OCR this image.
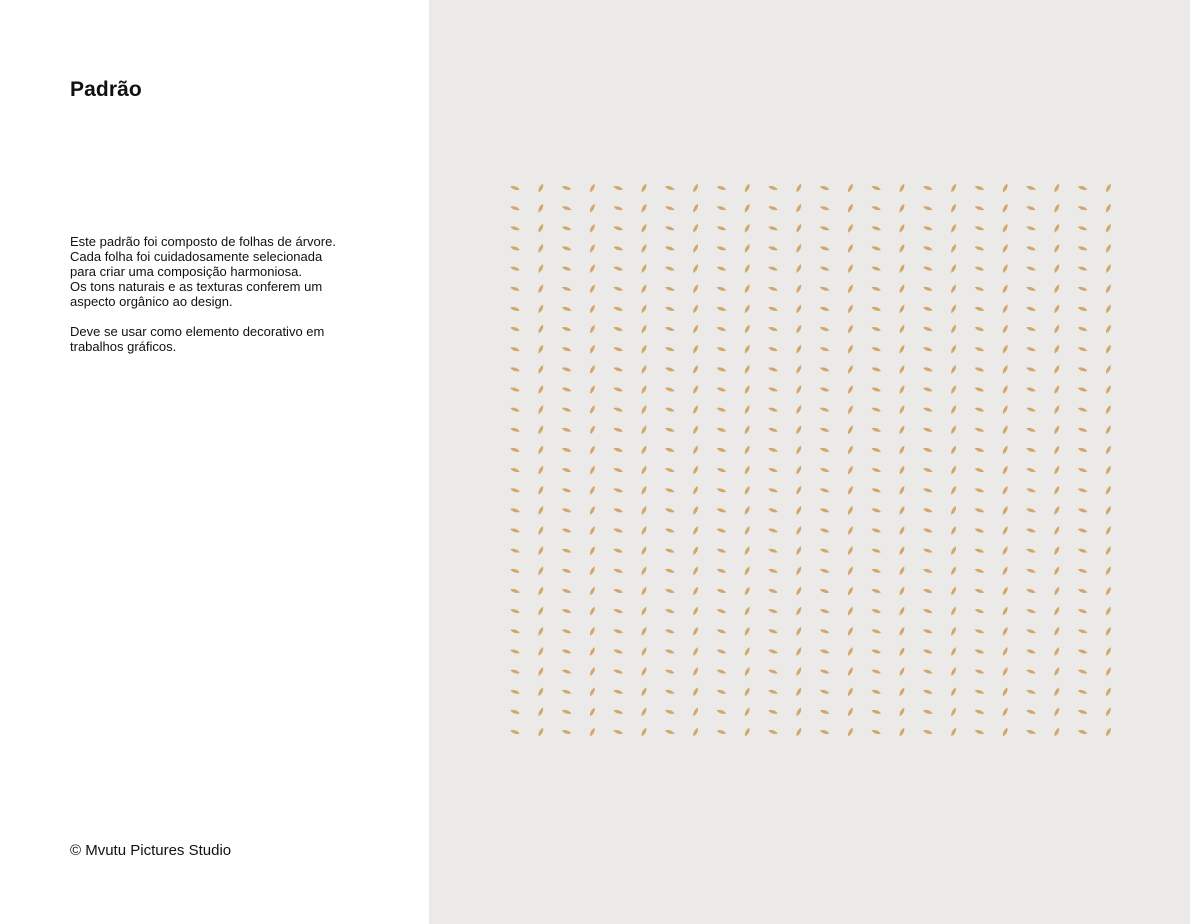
Padrão

Este padrão foi composto de folhas de árvore.
Cada folha foi cuidadosamente selecionada
para criar uma composição harmoniosa.
Os tons naturais e as texturas conferem um
aspecto orgânico ao design.

Deve se usar como elemento decorativo em
trabalhos gráficos.

© Mvutu Pictures Studio
